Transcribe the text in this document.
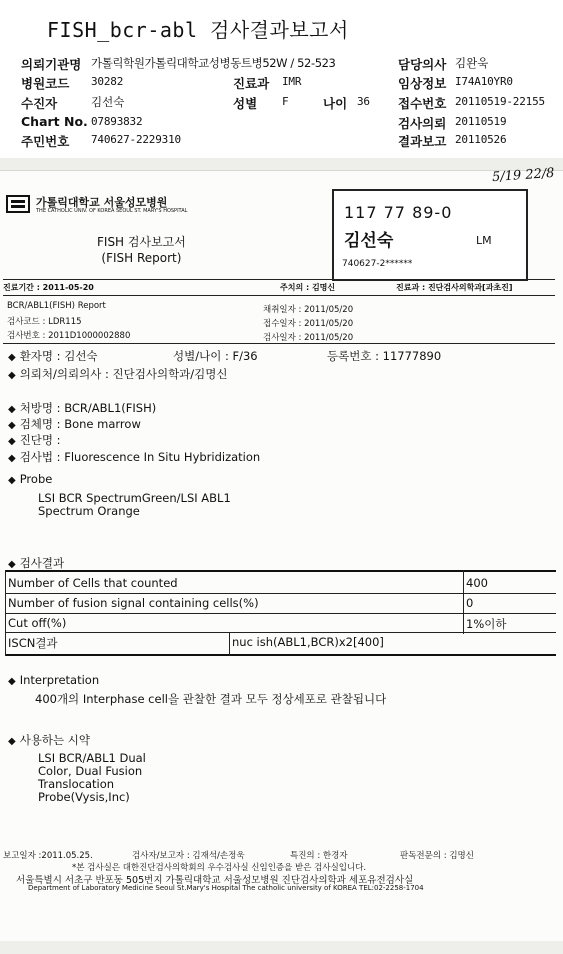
FISH_bcr-abl 검사결과보고서
의뢰기관명 가톨릭학원가톨릭대학교성병동트병52W / 52-523	담당의사 김완욱
병원코드 30282	진료과 IMR	임상정보 I74A10YR0
수진자	김선숙	성별 F	나이 36 접수번호 20110519-22155
Chart No. 07893832	검사의뢰 20110519
주민번호 740627-2229310	결과보고 20110526
5/19 22/8
가톨릭대학교 서울성모병원
THE CATHOLIC UNIV. OF KOREA SEOUL ST. MARY'S HOSPITAL
FISH 검사보고서
(FISH Report)
117 77 89-0
김선숙	LM
740627-2******
진료기간 : 2011-05-20	주치의 : 김명신	진료과 : 진단검사의학과[과초진]
BCR/ABL1(FISH) Report
검사코드 : LDR115
검사번호 : 2011D1000002880
채취일자 : 2011/05/20
접수일자 : 2011/05/20
검사일자 : 2011/05/20
◆ 환자명 : 김선숙	성별/나이 : F/36	등록번호 : 11777890
◆ 의뢰처/의뢰의사 : 진단검사의학과/김명신
◆ 처방명 : BCR/ABL1(FISH)
◆ 검체명 : Bone marrow
◆ 진단명 :
◆ 검사법 : Fluorescence In Situ Hybridization
◆ Probe
LSI BCR SpectrumGreen/LSI ABL1
Spectrum Orange
◆ 검사결과
Number of Cells that counted	400
Number of fusion signal containing cells(%)	0
Cut off(%)	1%이하
ISCN결과	nuc ish(ABL1,BCR)x2[400]
◆ Interpretation
400개의 Interphase cell을 관찰한 결과 모두 정상세포로 관찰됩니다
◆ 사용하는 시약
LSI BCR/ABL1 Dual
Color, Dual Fusion
Translocation
Probe(Vysis,Inc)
보고일자 :2011.05.25.	검사자/보고자 : 김재석/손정욱	특진의 : 한경자	판독전문의 : 김명신
*본 검사실은 대한진단검사의학회의 우수검사실 신임인증을 받은 검사실입니다.
서울특별시 서초구 반포동 505번지 가톨릭대학교 서울성모병원 진단검사의학과 세포유전검사실
Department of Laboratory Medicine Seoul St.Mary's Hospital The catholic university of KOREA TEL:02-2258-1704
